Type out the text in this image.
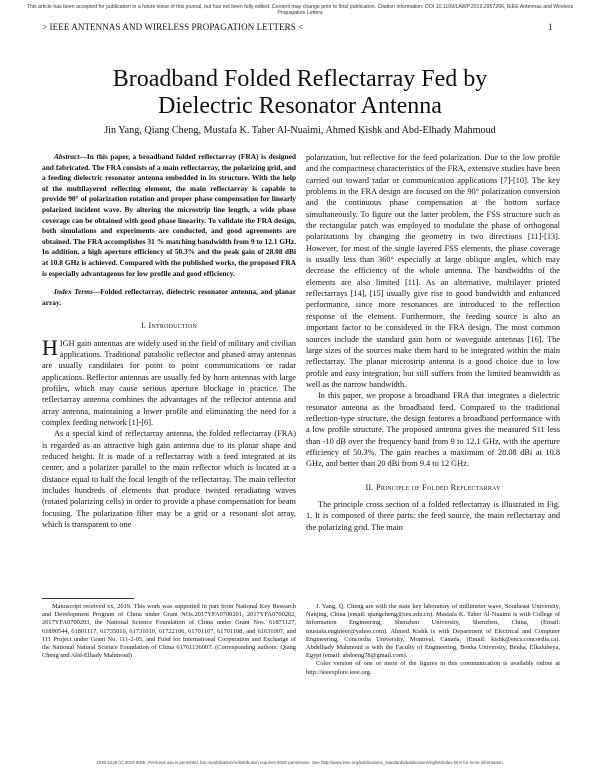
This article has been accepted for publication in a future issue of this journal, but has not been fully edited. Content may change prior to final publication. Citation information: DOI 10.1109/LAWP.2019.2957266, IEEE Antennas and Wireless Propagation Letters
> IEEE ANTENNAS AND WIRELESS PROPAGATION LETTERS <	1
Broadband Folded Reflectarray Fed by
Dielectric Resonator Antenna
Jin Yang, Qiang Cheng, Mustafa K. Taher Al-Nuaimi, Ahmed Kishk and Abd-Elhady Mahmoud

Abstract—In this paper, a broadband folded reflectarray (FRA) is designed and fabricated. The FRA consists of a main reflectarray, the polarizing grid, and a feeding dielectric resonator antenna embedded in its structure. With the help of the multilayered reflecting element, the main reflectarray is capable to provide 90° of polarization rotation and proper phase compensation for linearly polarized incident wave. By altering the microstrip line length, a wide phase coverage can be obtained with good phase linearity. To validate the FRA design, both simulations and experiments are conducted, and good agreements are obtained. The FRA accomplishes 31 % matching bandwidth from 9 to 12.1 GHz. In addition, a high aperture efficiency of 50.3% and the peak gain of 28.08 dBi at 10.8 GHz is achieved. Compared with the published works, the proposed FRA is especially advantageous for low profile and good efficiency.

Index Terms—Folded reflectarray, dielectric resonator antenna, and planar array.

I. Introduction

HIGH gain antennas are widely used in the field of military and civilian applications. Traditional parabolic reflector and phased array antennas are usually candidates for point to point communications or radar applications. Reflector antennas are usually fed by horn antennas with large profiles, which may cause serious aperture blockage in practice. The reflectarray antenna combines the advantages of the reflector antenna and array antenna, maintaining a lower profile and eliminating the need for a complex feeding network [1]-[6].

As a special kind of reflectarray antenna, the folded reflectarray (FRA) is regarded as an attractive high gain antenna due to its planar shape and reduced height. It is made of a reflectarray with a feed integrated at its center, and a polarizer parallel to the main reflector which is located at a distance equal to half the focal length of the reflectarray. The main reflector includes hundreds of elements that produce twisted reradiating waves (rotated polarizing cells) in order to provide a phase compensation for beam focusing. The polarization filter may be a grid or a resonant slot array, which is transparent to one

polarization, but reflective for the feed polarization. Due to the low profile and the compactness characteristics of the FRA, extensive studies have been carried out toward radar or communication applications [7]-[10]. The key problems in the FRA design are focused on the 90° polarization conversion and the continuous phase compensation at the bottom surface simultaneously. To figure out the latter problem, the FSS structure such as the rectangular patch was employed to modulate the phase of orthogonal polarizations by changing the geometry in two directions [11]-[13]. However, for most of the single layered FSS elements, the phase coverage is usually less than 360° especially at large oblique angles, which may decrease the efficiency of the whole antenna. The bandwidths of the elements are also limited [11]. As an alternative, multilayer printed reflectarrays [14], [15] usually give rise to good bandwidth and enhanced performance, since more resonances are introduced to the reflection response of the element. Furthermore, the feeding source is also an important factor to be considered in the FRA design. The most common sources include the standard gain horn or waveguide antennas [16]. The large sizes of the sources make them hard to be integrated within the main reflectarray. The planar microstrip antenna is a good choice due to low profile and easy integration, but still suffers from the limited beamwidth as well as the narrow bandwidth.

In this paper, we propose a broadband FRA that integrates a dielectric resonator antenna as the broadband feed. Compared to the traditional reflection-type structure, the design features a broadband performance with a low profile structure. The proposed antenna gives the measured S11 less than -10 dB over the frequency band from 9 to 12.1 GHz, with the aperture efficiency of 50.3%. The gain reaches a maximum of 28.08 dBi at 10.8 GHz, and better than 20 dBi from 9.4 to 12 GHz.

II. Principle of Folded Reflectarray

The principle cross section of a folded reflectarray is illustrated in Fig. 1. It is composed of three parts: the feed source, the main reflectarray and the polarizing grid. The main

Manuscript received xx, 2019. This work was supported in part from National Key Research and Development Program of China under Grant NOs.2017YFA0700201, 2017YFA0700202, 2017YFA0700203, the National Science Foundation of China under Grant Nos. 61871127, 61890544, 61801117, 61735010, 61731010, 61722106, 61701107, 61701108, and 61631007, and 111 Project under Grant No. 111-2-05, and Fund for International Cooperation and Exchange of the National Natural Science Foundation of China 61761136007. (Corresponding authors: Qiang Cheng and Abd-Elhady Mahmoud)

J. Yang, Q. Cheng are with the state key laboratory of millimeter wave, Southeast University, Nanjing, China (email: qiangcheng@seu.edu.cn). Mustafa K. Taher Al-Nuaimi is with College of Information Engineering, Shenzhen University, Shenzhen, China, (Email: mustafa.engineer@yahoo.com). Ahmed Kishk is with Department of Electrical and Computer Engineering, Concordia University, Montreal, Canada, (Email: kishk@encs.concordia.ca). Abdelhady Mahmoud is with the Faculty of Engineering, Benha University, Benha, Elkalubeya, Egypt (email: abdoeng78@gmail.com).

Color version of one or more of the figures in this communication is available online at http://ieeexplore.ieee.org.

1536-1225 (c) 2019 IEEE. Personal use is permitted, but republication/redistribution requires IEEE permission. See http://www.ieee.org/publications_standards/publications/rights/index.html for more information.
